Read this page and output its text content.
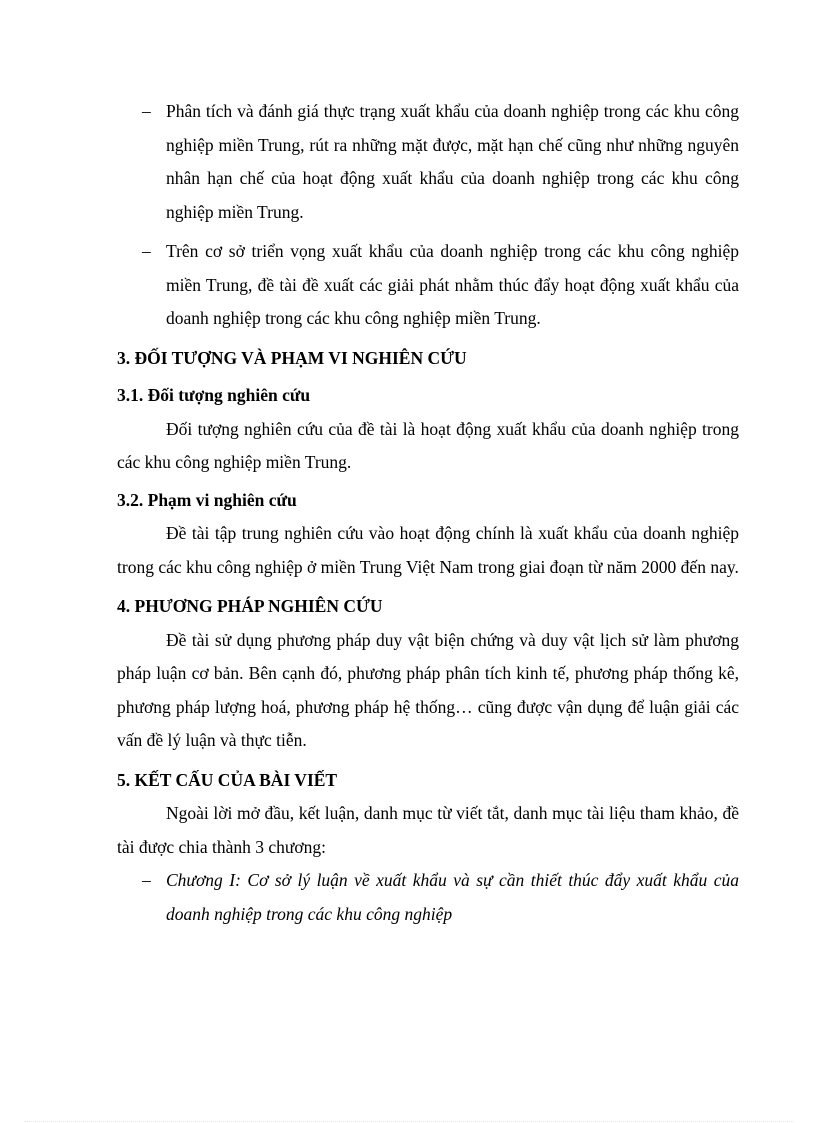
– Phân tích và đánh giá thực trạng xuất khẩu của doanh nghiệp trong các khu công nghiệp miền Trung, rút ra những mặt được, mặt hạn chế cũng như những nguyên nhân hạn chế của hoạt động xuất khẩu của doanh nghiệp trong các khu công nghiệp miền Trung.

– Trên cơ sở triển vọng xuất khẩu của doanh nghiệp trong các khu công nghiệp miền Trung, đề tài đề xuất các giải phát nhằm thúc đẩy hoạt động xuất khẩu của doanh nghiệp trong các khu công nghiệp miền Trung.

3. ĐỐI TƯỢNG VÀ PHẠM VI NGHIÊN CỨU
3.1. Đối tượng nghiên cứu

Đối tượng nghiên cứu của đề tài là hoạt động xuất khẩu của doanh nghiệp trong các khu công nghiệp miền Trung.

3.2. Phạm vi nghiên cứu

Đề tài tập trung nghiên cứu vào hoạt động chính là xuất khẩu của doanh nghiệp trong các khu công nghiệp ở miền Trung Việt Nam trong giai đoạn từ năm 2000 đến nay.

4. PHƯƠNG PHÁP NGHIÊN CỨU

Đề tài sử dụng phương pháp duy vật biện chứng và duy vật lịch sử làm phương pháp luận cơ bản. Bên cạnh đó, phương pháp phân tích kinh tế, phương pháp thống kê, phương pháp lượng hoá, phương pháp hệ thống… cũng được vận dụng để luận giải các vấn đề lý luận và thực tiễn.

5. KẾT CẤU CỦA BÀI VIẾT

Ngoài lời mở đầu, kết luận, danh mục từ viết tắt, danh mục tài liệu tham khảo, đề tài được chia thành 3 chương:

– Chương I: Cơ sở lý luận về xuất khẩu và sự cần thiết thúc đẩy xuất khẩu của doanh nghiệp trong các khu công nghiệp
